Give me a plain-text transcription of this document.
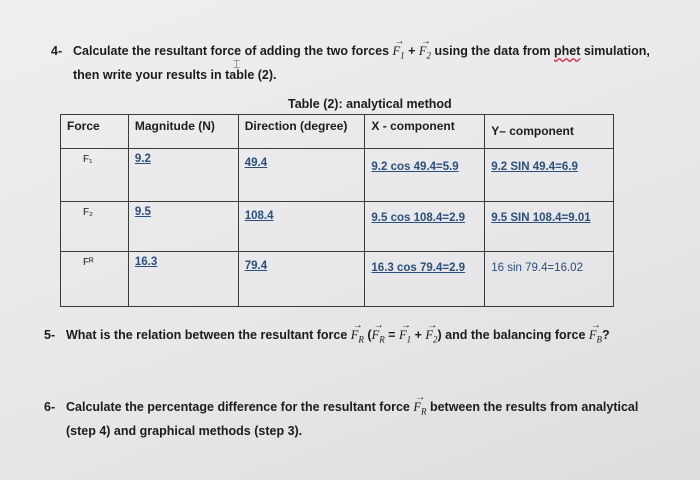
4- Calculate the resultant force of adding the two forces → $F_1$ + → $F_2$ using the data from phet simulation,
then write your results in table (2).
⌶
Table (2): analytical method
Force	Magnitude (N)	Direction (degree)	X - component	Y– component
F₁	9.2	49.4	9.2 cos 49.4=5.9	9.2 SIN 49.4=6.9
F₂	9.5	108.4	9.5 cos 108.4=2.9	9.5 SIN 108.4=9.01
Fᴿ	16.3	79.4	16.3 cos 79.4=2.9	16 sin 79.4=16.02
5- What is the relation between the resultant force → $F_R$ (→ $F_R$ = → $F_1$ + → $F_2$) and the balancing force → $F_B$?
6- Calculate the percentage difference for the resultant force → $F_R$ between the results from analytical
(step 4) and graphical methods (step 3).
